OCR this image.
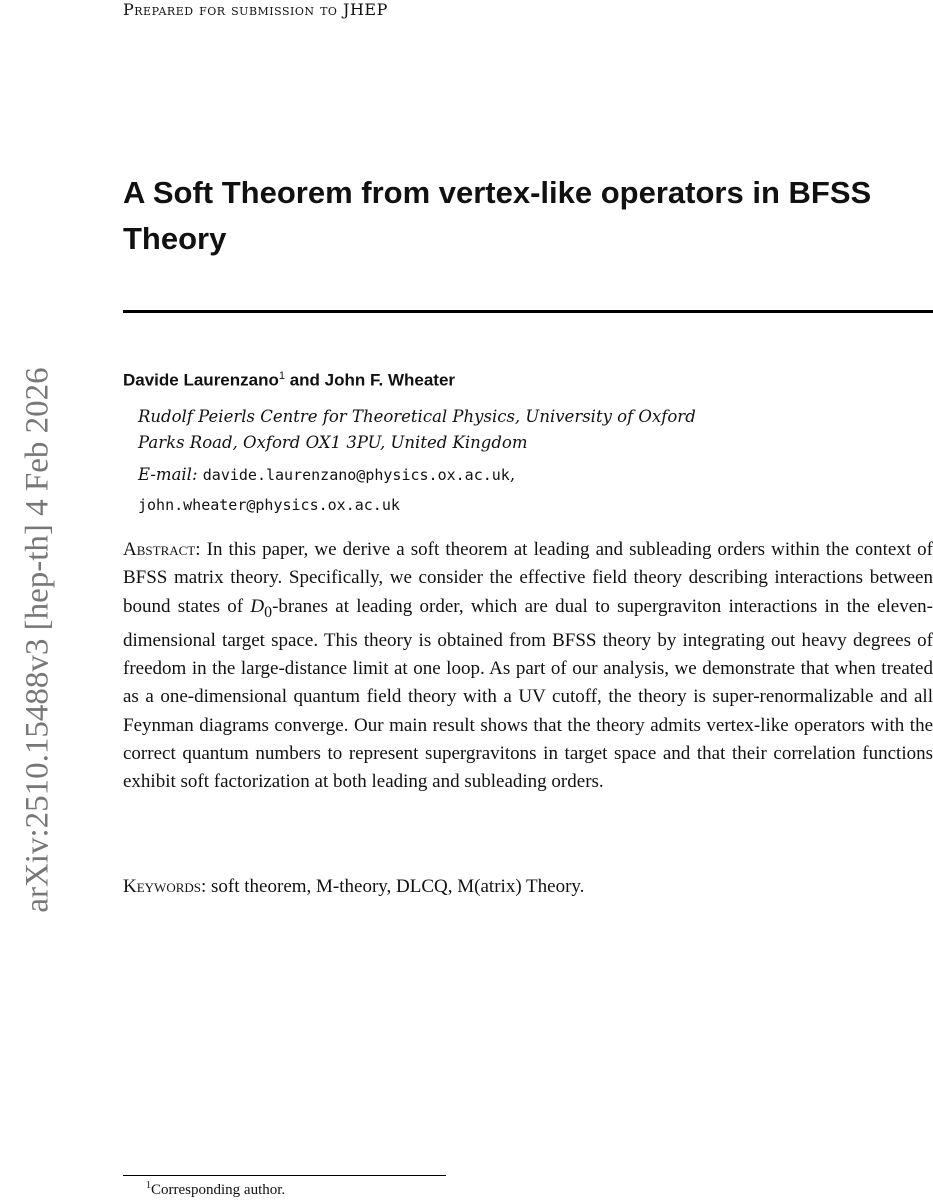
Prepared for submission to JHEP
arXiv:2510.15488v3 [hep-th] 4 Feb 2026
A Soft Theorem from vertex-like operators in BFSS Theory
Davide Laurenzano$^1$ and John F. Wheater
Rudolf Peierls Centre for Theoretical Physics, University of Oxford
Parks Road, Oxford OX1 3PU, United Kingdom
E-mail: davide.laurenzano@physics.ox.ac.uk,
john.wheater@physics.ox.ac.uk
Abstract: In this paper, we derive a soft theorem at leading and subleading orders within the context of BFSS matrix theory. Specifically, we consider the effective field theory describing interactions between bound states of $D_0$-branes at leading order, which are dual to supergraviton interactions in the eleven-dimensional target space. This theory is obtained from BFSS theory by integrating out heavy degrees of freedom in the large-distance limit at one loop. As part of our analysis, we demonstrate that when treated as a one-dimensional quantum field theory with a UV cutoff, the theory is super-renormalizable and all Feynman diagrams converge. Our main result shows that the theory admits vertex-like operators with the correct quantum numbers to represent supergravitons in target space and that their correlation functions exhibit soft factorization at both leading and subleading orders.
Keywords: soft theorem, M-theory, DLCQ, M(atrix) Theory.
$^1$Corresponding author.
